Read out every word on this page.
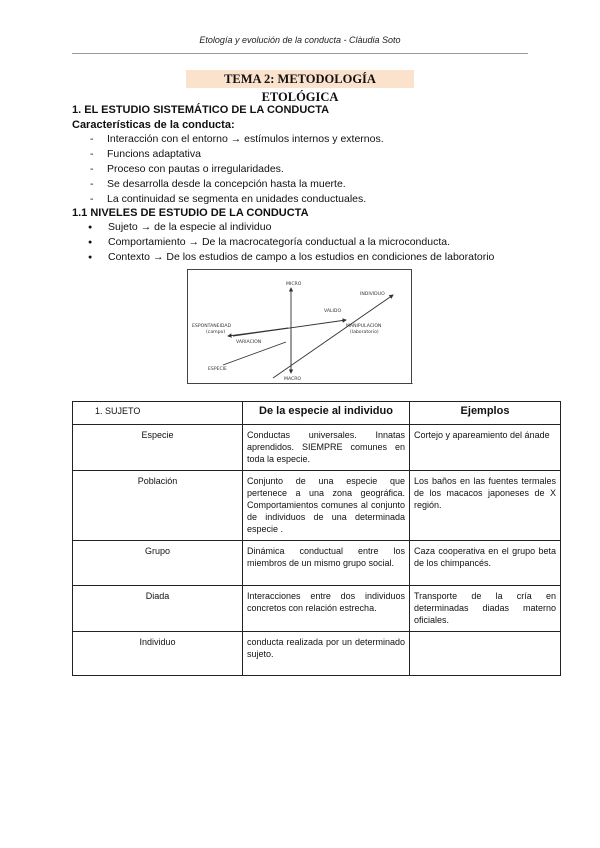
Etología y evolución de la conducta - Clàudia Soto
TEMA 2: METODOLOGÍA ETOLÓGICA
1. EL ESTUDIO SISTEMÁTICO DE LA CONDUCTA
Características de la conducta:
- Interacción con el entorno → estímulos internos y externos.
- Funcions adaptativa
- Proceso con pautas o irregularidades.
- Se desarrolla desde la concepción hasta la muerte.
- La continuidad se segmenta en unidades conductuales.
1.1 NIVELES DE ESTUDIO DE LA CONDUCTA
● Sujeto → de la especie al individuo
● Comportamiento → De la macrocategoría conductual a la microconducta.
● Contexto → De los estudios de campo a los estudios en condiciones de laboratorio
MICRO
MACRO
INDIVIDUO
VALIDO
ESPONTANEIDAD
(campo)
MANIPULACION
(laboratorio)
VARIACION
ESPECIE
.
1. SUJETO	De la especie al individuo	Ejemplos
Especie	Conductas universales. Innatas aprendidos. SIEMPRE comunes en toda la especie.	Cortejo y apareamiento del ánade
Población	Conjunto de una especie que pertenece a una zona geográfica. Comportamientos comunes al conjunto de individuos de una determinada especie .	Los baños en las fuentes termales de los macacos japoneses de X región.
Grupo	Dinámica conductual entre los miembros de un mismo grupo social.	Caza cooperativa en el grupo beta de los chimpancés.
Diada	Interacciones entre dos individuos concretos con relación estrecha.	Transporte de la cría en determinadas diadas materno oficiales.
Individuo	conducta realizada por un determinado sujeto.	
